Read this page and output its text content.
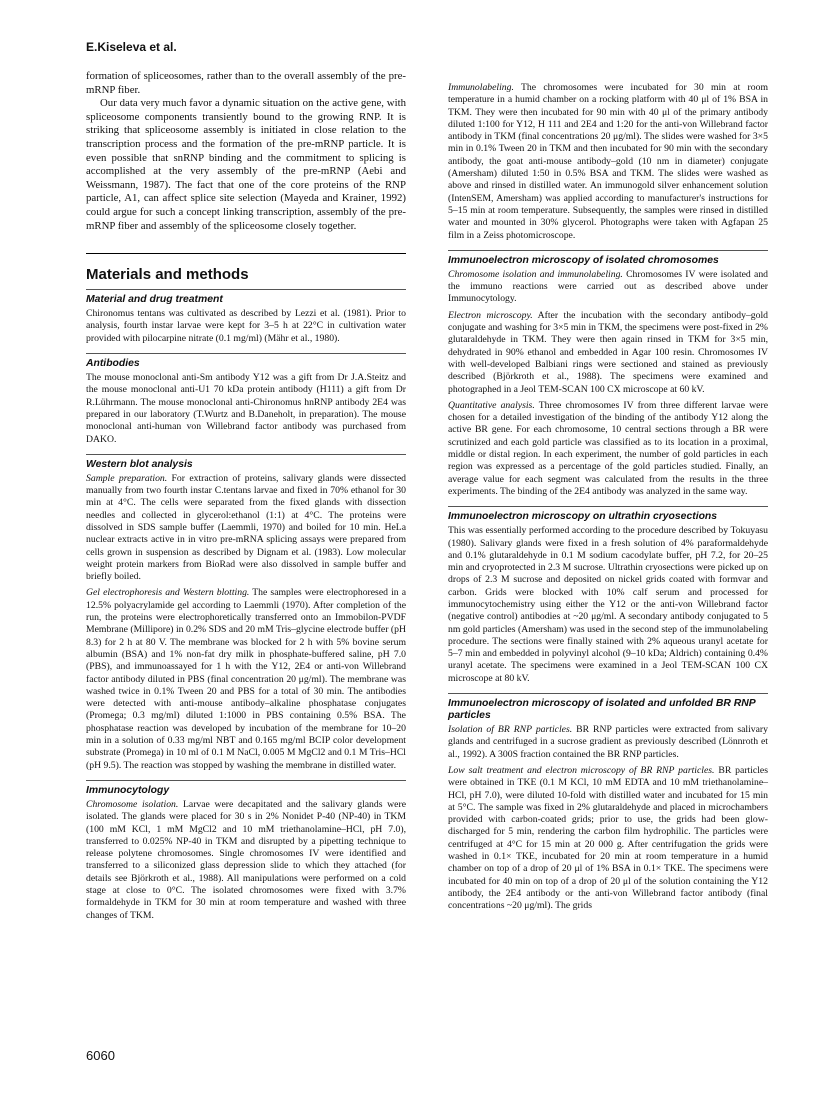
E.Kiseleva et al.

formation of spliceosomes, rather than to the overall assembly of the pre-mRNP fiber.

Our data very much favor a dynamic situation on the active gene, with spliceosome components transiently bound to the growing RNP. It is striking that spliceosome assembly is initiated in close relation to the transcription process and the formation of the pre-mRNP particle. It is even possible that snRNP binding and the commitment to splicing is accomplished at the very assembly of the pre-mRNP (Aebi and Weissmann, 1987). The fact that one of the core proteins of the RNP particle, A1, can affect splice site selection (Mayeda and Krainer, 1992) could argue for such a concept linking transcription, assembly of the pre-mRNP fiber and assembly of the spliceosome closely together.

Materials and methods
Material and drug treatment

Chironomus tentans was cultivated as described by Lezzi et al. (1981). Prior to analysis, fourth instar larvae were kept for 3–5 h at 22°C in cultivation water provided with pilocarpine nitrate (0.1 mg/ml) (Mähr et al., 1980).

Antibodies

The mouse monoclonal anti-Sm antibody Y12 was a gift from Dr J.A.Steitz and the mouse monoclonal anti-U1 70 kDa protein antibody (H111) a gift from Dr R.Lührmann. The mouse monoclonal anti-Chironomus hnRNP antibody 2E4 was prepared in our laboratory (T.Wurtz and B.Daneholt, in preparation). The mouse monoclonal anti-human von Willebrand factor antibody was purchased from DAKO.

Western blot analysis

Sample preparation. For extraction of proteins, salivary glands were dissected manually from two fourth instar C.tentans larvae and fixed in 70% ethanol for 30 min at 4°C. The cells were separated from the fixed glands with dissection needles and collected in glycerol:ethanol (1:1) at 4°C. The proteins were dissolved in SDS sample buffer (Laemmli, 1970) and boiled for 10 min. HeLa nuclear extracts active in in vitro pre-mRNA splicing assays were prepared from cells grown in suspension as described by Dignam et al. (1983). Low molecular weight protein markers from BioRad were also dissolved in sample buffer and briefly boiled.

Gel electrophoresis and Western blotting. The samples were electrophoresed in a 12.5% polyacrylamide gel according to Laemmli (1970). After completion of the run, the proteins were electrophoretically transferred onto an Immobilon-PVDF Membrane (Millipore) in 0.2% SDS and 20 mM Tris–glycine electrode buffer (pH 8.3) for 2 h at 80 V. The membrane was blocked for 2 h with 5% bovine serum albumin (BSA) and 1% non-fat dry milk in phosphate-buffered saline, pH 7.0 (PBS), and immunoassayed for 1 h with the Y12, 2E4 or anti-von Willebrand factor antibody diluted in PBS (final concentration 20 μg/ml). The membrane was washed twice in 0.1% Tween 20 and PBS for a total of 30 min. The antibodies were detected with anti-mouse antibody–alkaline phosphatase conjugates (Promega; 0.3 mg/ml) diluted 1:1000 in PBS containing 0.5% BSA. The phosphatase reaction was developed by incubation of the membrane for 10–20 min in a solution of 0.33 mg/ml NBT and 0.165 mg/ml BCIP color development substrate (Promega) in 10 ml of 0.1 M NaCl, 0.005 M MgCl2 and 0.1 M Tris–HCl (pH 9.5). The reaction was stopped by washing the membrane in distilled water.

Immunocytology

Chromosome isolation. Larvae were decapitated and the salivary glands were isolated. The glands were placed for 30 s in 2% Nonidet P-40 (NP-40) in TKM (100 mM KCl, 1 mM MgCl2 and 10 mM triethanolamine–HCl, pH 7.0), transferred to 0.025% NP-40 in TKM and disrupted by a pipetting technique to release polytene chromosomes. Single chromosomes IV were identified and transferred to a siliconized glass depression slide to which they attached (for details see Björkroth et al., 1988). All manipulations were performed on a cold stage at close to 0°C. The isolated chromosomes were fixed with 3.7% formaldehyde in TKM for 30 min at room temperature and washed with three changes of TKM.

Immunolabeling. The chromosomes were incubated for 30 min at room temperature in a humid chamber on a rocking platform with 40 μl of 1% BSA in TKM. They were then incubated for 90 min with 40 μl of the primary antibody diluted 1:100 for Y12, H 111 and 2E4 and 1:20 for the anti-von Willebrand factor antibody in TKM (final concentrations 20 μg/ml). The slides were washed for 3×5 min in 0.1% Tween 20 in TKM and then incubated for 90 min with the secondary antibody, the goat anti-mouse antibody–gold (10 nm in diameter) conjugate (Amersham) diluted 1:50 in 0.5% BSA and TKM. The slides were washed as above and rinsed in distilled water. An immunogold silver enhancement solution (IntenSEM, Amersham) was applied according to manufacturer's instructions for 5–15 min at room temperature. Subsequently, the samples were rinsed in distilled water and mounted in 30% glycerol. Photographs were taken with Agfapan 25 film in a Zeiss photomicroscope.

Immunoelectron microscopy of isolated chromosomes

Chromosome isolation and immunolabeling. Chromosomes IV were isolated and the immuno reactions were carried out as described above under Immunocytology.

Electron microscopy. After the incubation with the secondary antibody–gold conjugate and washing for 3×5 min in TKM, the specimens were post-fixed in 2% glutaraldehyde in TKM. They were then again rinsed in TKM for 3×5 min, dehydrated in 90% ethanol and embedded in Agar 100 resin. Chromosomes IV with well-developed Balbiani rings were sectioned and stained as previously described (Björkroth et al., 1988). The specimens were examined and photographed in a Jeol TEM-SCAN 100 CX microscope at 60 kV.

Quantitative analysis. Three chromosomes IV from three different larvae were chosen for a detailed investigation of the binding of the antibody Y12 along the active BR gene. For each chromosome, 10 central sections through a BR were scrutinized and each gold particle was classified as to its location in a proximal, middle or distal region. In each experiment, the number of gold particles in each region was expressed as a percentage of the gold particles studied. Finally, an average value for each segment was calculated from the results in the three experiments. The binding of the 2E4 antibody was analyzed in the same way.

Immunoelectron microscopy on ultrathin cryosections

This was essentially performed according to the procedure described by Tokuyasu (1980). Salivary glands were fixed in a fresh solution of 4% paraformaldehyde and 0.1% glutaraldehyde in 0.1 M sodium cacodylate buffer, pH 7.2, for 20–25 min and cryoprotected in 2.3 M sucrose. Ultrathin cryosections were picked up on drops of 2.3 M sucrose and deposited on nickel grids coated with formvar and carbon. Grids were blocked with 10% calf serum and processed for immunocytochemistry using either the Y12 or the anti-von Willebrand factor (negative control) antibodies at ~20 μg/ml. A secondary antibody conjugated to 5 nm gold particles (Amersham) was used in the second step of the immunolabeling procedure. The sections were finally stained with 2% aqueous uranyl acetate for 5–7 min and embedded in polyvinyl alcohol (9–10 kDa; Aldrich) containing 0.4% uranyl acetate. The specimens were examined in a Jeol TEM-SCAN 100 CX microscope at 80 kV.

Immunoelectron microscopy of isolated and unfolded BR RNP particles

Isolation of BR RNP particles. BR RNP particles were extracted from salivary glands and centrifuged in a sucrose gradient as previously described (Lönnroth et al., 1992). A 300S fraction contained the BR RNP particles.

Low salt treatment and electron microscopy of BR RNP particles. BR particles were obtained in TKE (0.1 M KCl, 10 mM EDTA and 10 mM triethanolamine–HCl, pH 7.0), were diluted 10-fold with distilled water and incubated for 15 min at 5°C. The sample was fixed in 2% glutaraldehyde and placed in microchambers provided with carbon-coated grids; prior to use, the grids had been glow-discharged for 5 min, rendering the carbon film hydrophilic. The particles were centrifuged at 4°C for 15 min at 20 000 g. After centrifugation the grids were washed in 0.1× TKE, incubated for 20 min at room temperature in a humid chamber on top of a drop of 20 μl of 1% BSA in 0.1× TKE. The specimens were incubated for 40 min on top of a drop of 20 μl of the solution containing the Y12 antibody, the 2E4 antibody or the anti-von Willebrand factor antibody (final concentrations ~20 μg/ml). The grids

6060
